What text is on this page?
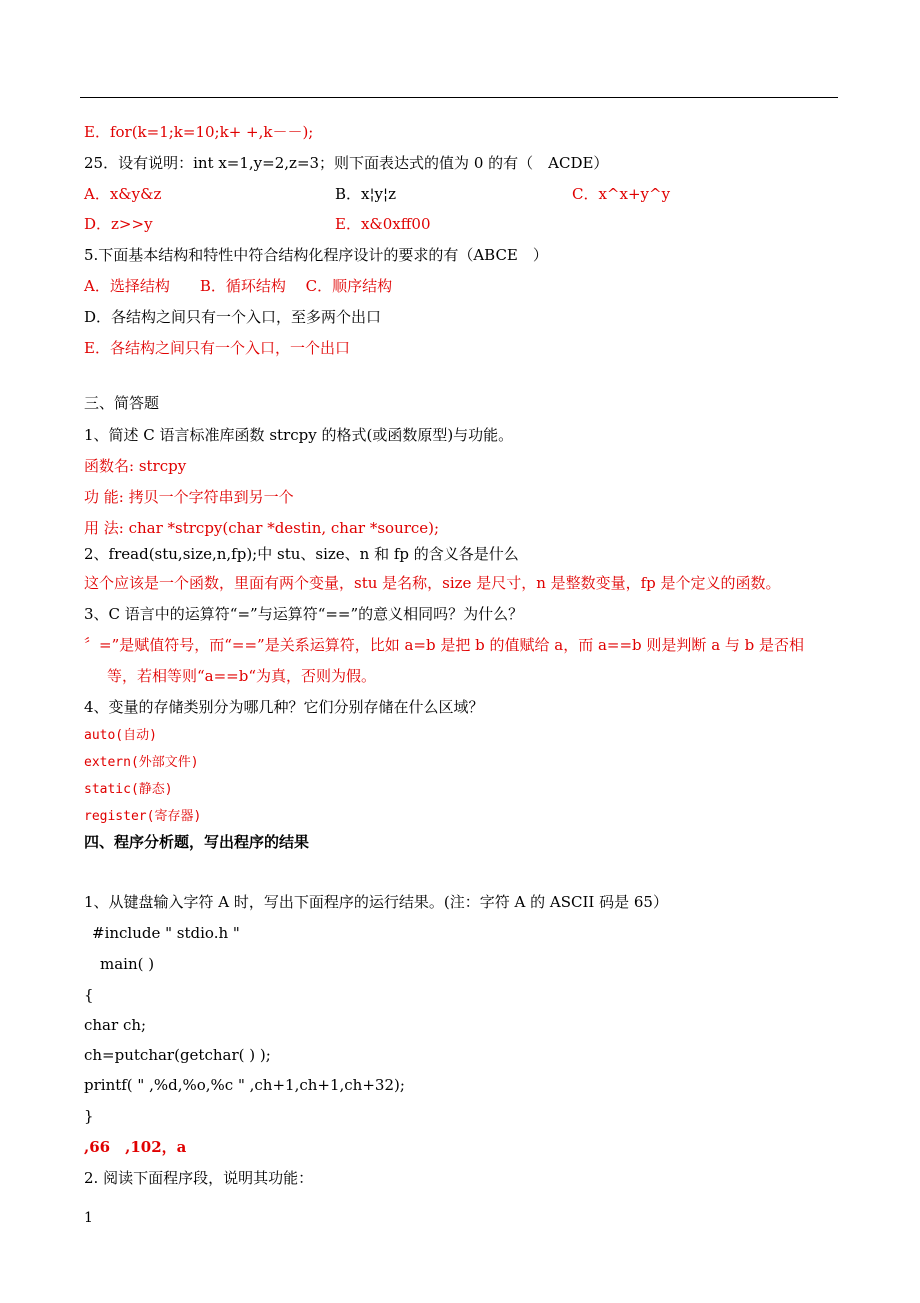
E．for(k=1;k=10;k+ +,k－－);
25．设有说明：int x=1,y=2,z=3；则下面表达式的值为 0 的有（　ACDE）
A．x&y&z	B．x¦y¦z	C．x^x+y^y
D．z>>y	E．x&0xff00
5.下面基本结构和特性中符合结构化程序设计的要求的有（ABCE　）
A．选择结构　　B．循环结构　 C．顺序结构
D．各结构之间只有一个入口，至多两个出口
E．各结构之间只有一个入口，一个出口
三、简答题
1、简述 C 语言标准库函数 strcpy 的格式(或函数原型)与功能。
函数名: strcpy
功 能: 拷贝一个字符串到另一个
用 法: char *strcpy(char *destin, char *source);
2、fread(stu,size,n,fp);中 stu、size、n 和 fp 的含义各是什么
这个应该是一个函数，里面有两个变量，stu 是名称，size 是尺寸，n 是整数变量，fp 是个定义的函数。
3、C 语言中的运算符“=”与运算符“==”的意义相同吗？为什么？
〞=”是赋值符号，而“==”是关系运算符，比如 a=b 是把 b 的值赋给 a，而 a==b 则是判断 a 与 b 是否相
等，若相等则“a==b“为真，否则为假。
4、变量的存储类别分为哪几种？它们分别存储在什么区域？
auto(自动)
extern(外部文件)
static(静态)
register(寄存器)
四、程序分析题，写出程序的结果
1、从键盘输入字符 A 时，写出下面程序的运行结果。(注：字符 A 的 ASCII 码是 65）
#include " stdio.h "
main( )
{
char ch;
ch=putchar(getchar( ) );
printf( " ,%d,%o,%c " ,ch+1,ch+1,ch+32);
}
,66　,102，a
2. 阅读下面程序段，说明其功能：
1
